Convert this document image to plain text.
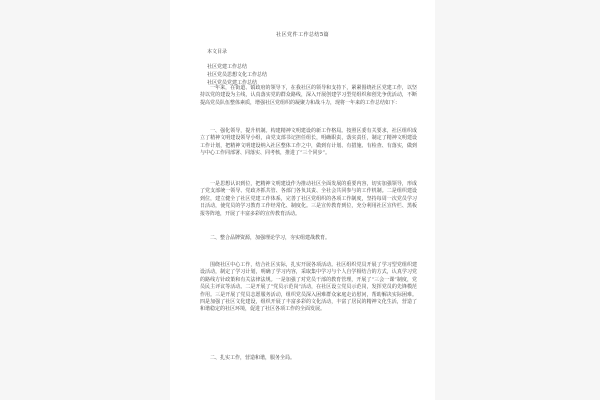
社区党件工作总结5篇
本文目录
社区党建工作总结
社区党员思想文化工作总结
社区党员党建工作总结

一年来，在街道、镇政府的领导下，在我社区的领导和支持下，紧紧围绕社区党建工作，以坚持以党的建设为主线，认真落实党的群众路线，深入开展创建学习型党组织和创先争优活动，不断提高党员队伍整体素质，增强社区党组织的凝聚力和战斗力，现将一年来的工作总结如下：

一、强化领导，提升机制。构建精神文明建设的新工作格局。按照区委有关要求，社区组织成立了精神文明建设领导小组，由党支部书记担任组长，明确职责，落实责任，制定了精神文明建设工作计划，把精神文明建设纳入社区整体工作之中，做到有计划、有措施、有检查、有落实，做到与中心工作同部署、同落实、同考核，推进了“三个同步”。

一是思想认识到位，把精神文明建设作为推动社区全面发展的重要内容，切实加强领导，形成了党支部统一领导、党政齐抓共管、各部门各负其责、全社会共同参与的工作机制。二是组织建设到位，建立健全了社区党建工作体系，完善了社区党组织的各项工作制度，坚持每周一次党员学习日活动，使党员的学习教育工作经常化、制度化。三是宣传教育到位，充分利用社区宣传栏、黑板报等阵地，开展了丰富多彩的宣传教育活动。

二、整合品牌资源，加强理论学习，夯实组建战教育。

围绕社区中心工作，结合社区实际，扎实开展各项活动。社区组织党员开展了学习型党组织建设活动，制定了学习计划，明确了学习内容，采取集中学习与个人自学相结合的方式，认真学习党的路线方针政策和有关法律法规。一是加强了对党员干部的教育管理，开展了“三会一课”制度，党员民主评议等活动。二是开展了“党员示范岗”活动，在社区设立党员示范岗，发挥党员的先锋模范作用。三是开展了党员志愿服务活动，组织党员深入困难群众家庭走访慰问，帮助解决实际困难。四是加强了社区文化建设，组织开展了丰富多彩的文化活动，丰富了居民的精神文化生活，营造了和谐稳定的社区环境，促进了社区各项工作的全面发展。

二、扎实工作，营造和谐，服务全局。
